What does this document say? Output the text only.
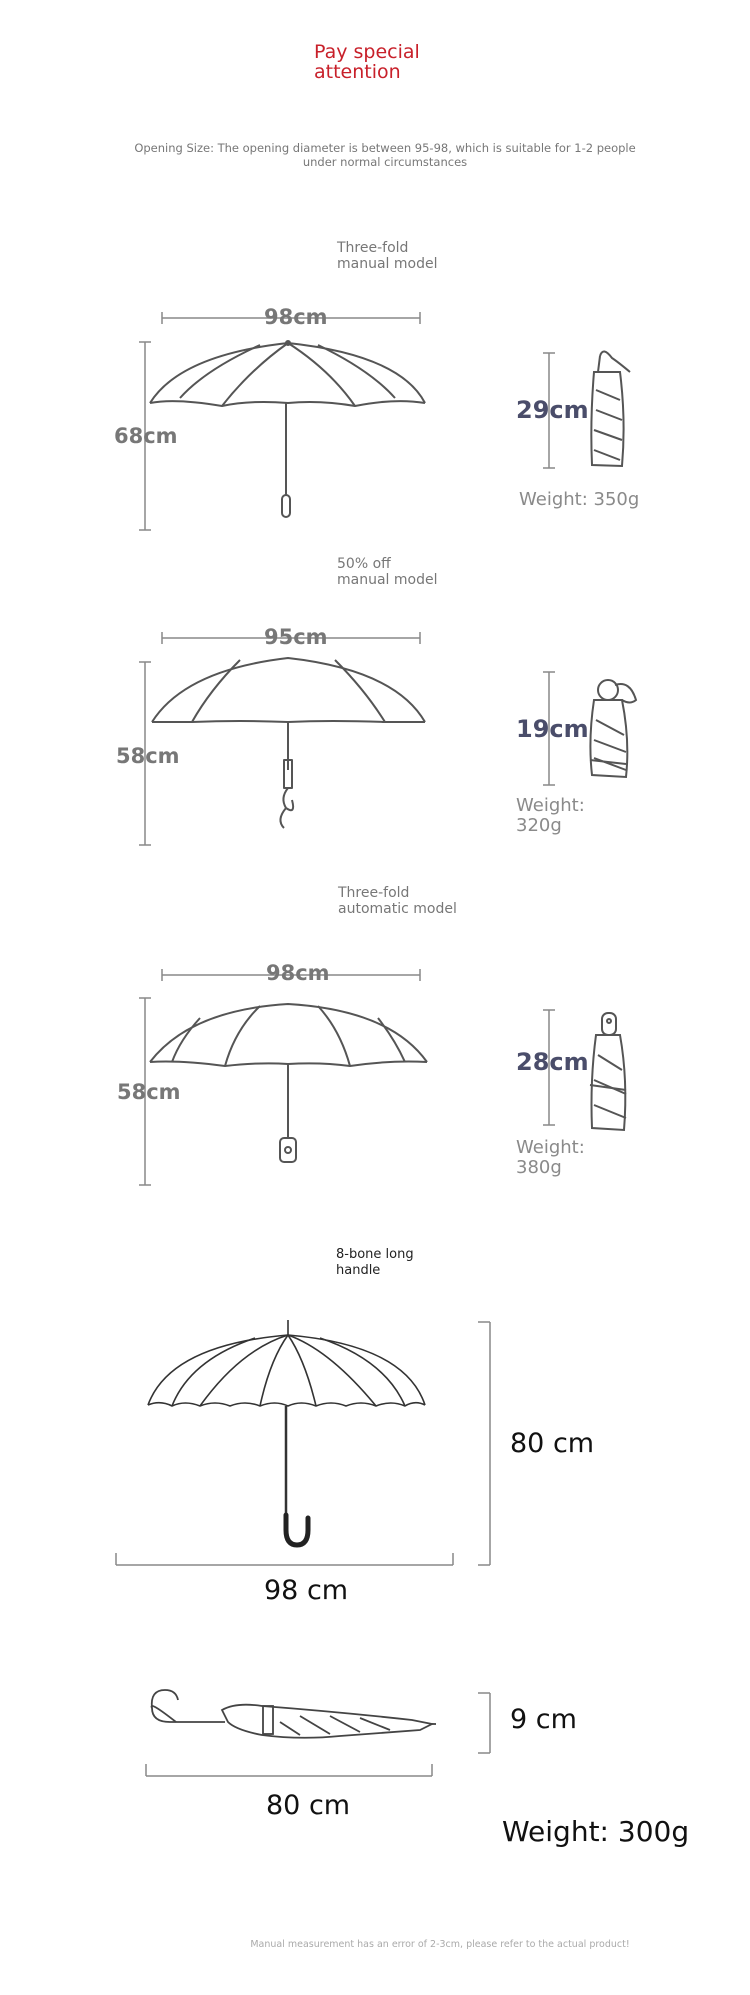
Pay special
attention
Opening Size: The opening diameter is between 95-98, which is suitable for 1-2 people
under normal circumstances
Three-fold
manual model
98cm
68cm
29cm
Weight: 350g
50% off
manual model
95cm
58cm
19cm
Weight:
320g
Three-fold
automatic model
98cm
58cm
28cm
Weight:
380g
8-bone long
handle
80 cm
98 cm
9 cm
80 cm
Weight: 300g
Manual measurement has an error of 2-3cm, please refer to the actual product!
